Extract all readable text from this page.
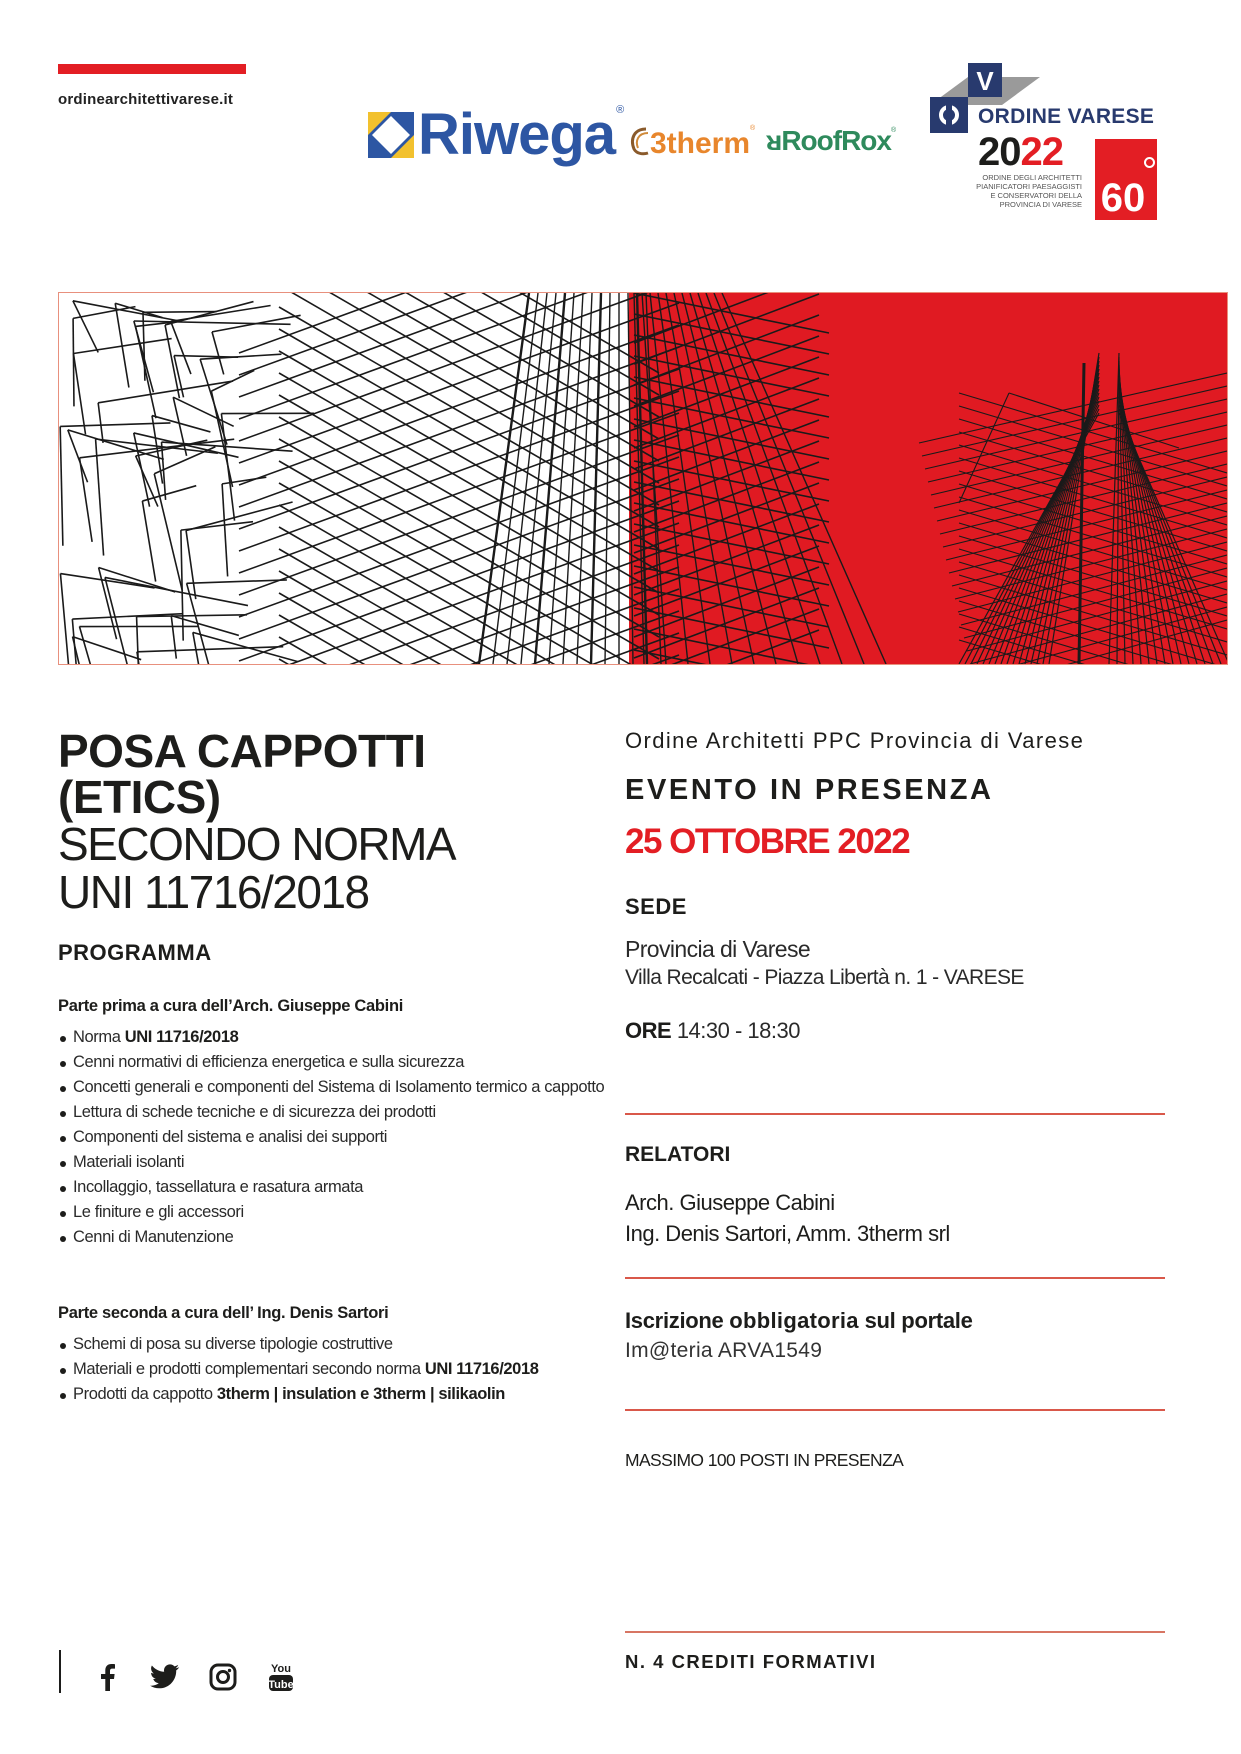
ordinearchitettivarese.it
Riwega ®
3therm ® ᴚRoofRox ®
V
ORDINE VARESE
2022
ORDINE DEGLI ARCHITETTI
PIANIFICATORI PAESAGGISTI
E CONSERVATORI DELLA
PROVINCIA DI VARESE 60
POSA CAPPOTTI
(ETICS)
SECONDO NORMA
UNI 11716/2018
PROGRAMMA
Parte prima a cura dell’Arch. Giuseppe Cabini
Norma UNI 11716/2018
Cenni normativi di efficienza energetica e sulla sicurezza
Concetti generali e componenti del Sistema di Isolamento termico a cappotto
Lettura di schede tecniche e di sicurezza dei prodotti
Componenti del sistema e analisi dei supporti
Materiali isolanti
Incollaggio, tassellatura e rasatura armata
Le finiture e gli accessori
Cenni di Manutenzione
Parte seconda a cura dell’ Ing. Denis Sartori
Schemi di posa su diverse tipologie costruttive
Materiali e prodotti complementari secondo norma UNI 11716/2018
Prodotti da cappotto 3therm | insulation e 3therm | silikaolin
Ordine Architetti PPC Provincia di Varese
EVENTO IN PRESENZA
25 OTTOBRE 2022
SEDE
Provincia di Varese
Villa Recalcati - Piazza Libertà n. 1 - VARESE
ORE 14:30 - 18:30
RELATORI
Arch. Giuseppe Cabini
Ing. Denis Sartori, Amm. 3therm srl
Iscrizione obbligatoria sul portale
Im@teria ARVA1549
MASSIMO 100 POSTI IN PRESENZA
N. 4 CREDITI FORMATIVI
You
Tube
